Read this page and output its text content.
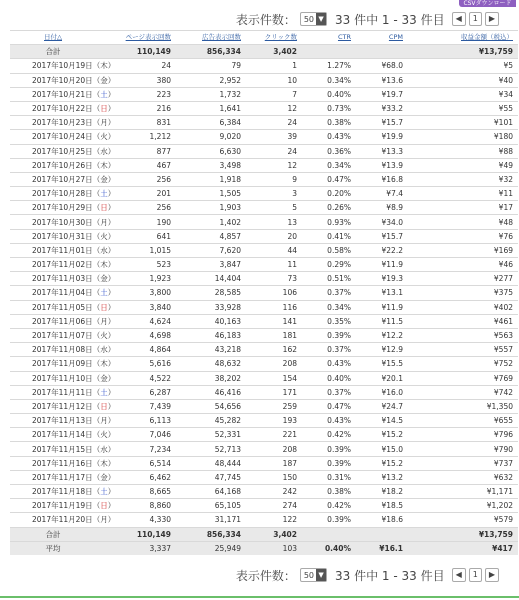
CSVダウンロード
表示件数： 50 ▼ 33 件中 1 - 33 件目	◀	1	▶
日付△	ページ表示回数	広告表示回数	クリック数	CTR	CPM	収益金額（税込）
合計	110,149	856,334	3,402			¥13,759
2017年10月19日（木）	24	79	1	1.27%	¥68.0	¥5
2017年10月20日（金）	380	2,952	10	0.34%	¥13.6	¥40
2017年10月21日（土）	223	1,732	7	0.40%	¥19.7	¥34
2017年10月22日（日）	216	1,641	12	0.73%	¥33.2	¥55
2017年10月23日（月）	831	6,384	24	0.38%	¥15.7	¥101
2017年10月24日（火）	1,212	9,020	39	0.43%	¥19.9	¥180
2017年10月25日（水）	877	6,630	24	0.36%	¥13.3	¥88
2017年10月26日（木）	467	3,498	12	0.34%	¥13.9	¥49
2017年10月27日（金）	256	1,918	9	0.47%	¥16.8	¥32
2017年10月28日（土）	201	1,505	3	0.20%	¥7.4	¥11
2017年10月29日（日）	256	1,903	5	0.26%	¥8.9	¥17
2017年10月30日（月）	190	1,402	13	0.93%	¥34.0	¥48
2017年10月31日（火）	641	4,857	20	0.41%	¥15.7	¥76
2017年11月01日（水）	1,015	7,620	44	0.58%	¥22.2	¥169
2017年11月02日（木）	523	3,847	11	0.29%	¥11.9	¥46
2017年11月03日（金）	1,923	14,404	73	0.51%	¥19.3	¥277
2017年11月04日（土）	3,800	28,585	106	0.37%	¥13.1	¥375
2017年11月05日（日）	3,840	33,928	116	0.34%	¥11.9	¥402
2017年11月06日（月）	4,624	40,163	141	0.35%	¥11.5	¥461
2017年11月07日（火）	4,698	46,183	181	0.39%	¥12.2	¥563
2017年11月08日（水）	4,864	43,218	162	0.37%	¥12.9	¥557
2017年11月09日（木）	5,616	48,632	208	0.43%	¥15.5	¥752
2017年11月10日（金）	4,522	38,202	154	0.40%	¥20.1	¥769
2017年11月11日（土）	6,287	46,416	171	0.37%	¥16.0	¥742
2017年11月12日（日）	7,439	54,656	259	0.47%	¥24.7	¥1,350
2017年11月13日（月）	6,113	45,282	193	0.43%	¥14.5	¥655
2017年11月14日（火）	7,046	52,331	221	0.42%	¥15.2	¥796
2017年11月15日（水）	7,234	52,713	208	0.39%	¥15.0	¥790
2017年11月16日（木）	6,514	48,444	187	0.39%	¥15.2	¥737
2017年11月17日（金）	6,462	47,745	150	0.31%	¥13.2	¥632
2017年11月18日（土）	8,665	64,168	242	0.38%	¥18.2	¥1,171
2017年11月19日（日）	8,860	65,105	274	0.42%	¥18.5	¥1,202
2017年11月20日（月）	4,330	31,171	122	0.39%	¥18.6	¥579
合計	110,149	856,334	3,402			¥13,759
平均	3,337	25,949	103	0.40%	¥16.1	¥417
表示件数： 50 ▼ 33 件中 1 - 33 件目	◀	1	▶
